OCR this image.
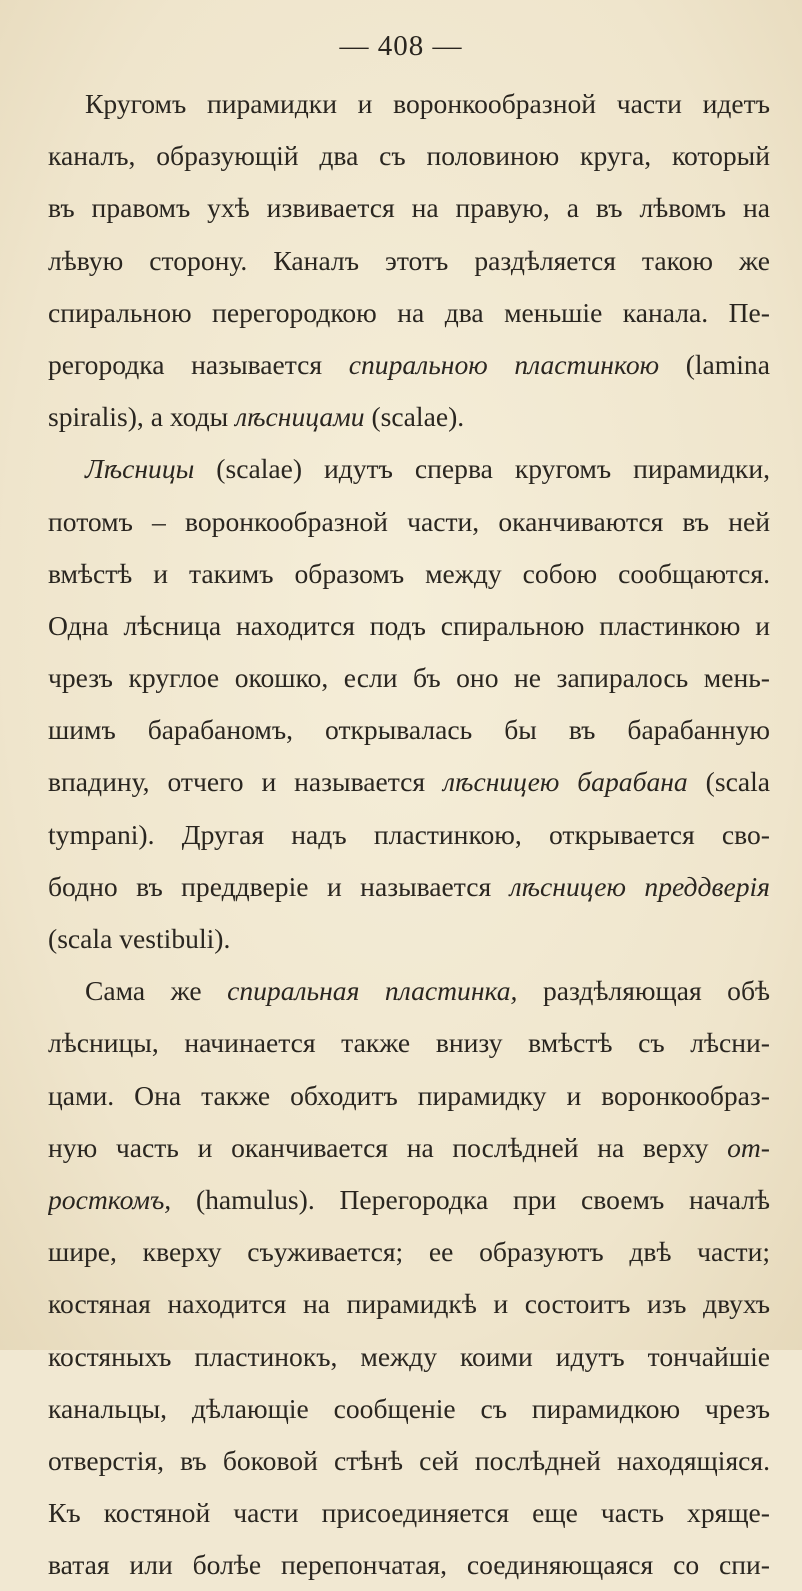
— 408 —
Кругомъ пирамидки и воронкообразной части идетъ
каналъ, образующій два съ половиною круга, который
въ правомъ ухѣ извивается на правую, а въ лѣвомъ на
лѣвую сторону. Каналъ этотъ раздѣляется такою же
спиральною перегородкою на два меньшіе канала. Пе-
регородка называется спиральною пластинкою (lamina
spiralis), а ходы лѣсницами (scalae).
Лѣсницы (scalae) идутъ сперва кругомъ пирамидки,
потомъ – воронкообразной части, оканчиваются въ ней
вмѣстѣ и такимъ образомъ между собою сообщаются.
Одна лѣсница находится подъ спиральною пластинкою и
чрезъ круглое окошко, если бъ оно не запиралось мень-
шимъ барабаномъ, открывалась бы въ барабанную
впадину, отчего и называется лѣсницею барабана (scala
tympani). Другая надъ пластинкою, открывается сво-
бодно въ преддверіе и называется лѣсницею преддверія
(scala vestibuli).
Сама же спиральная пластинка, раздѣляющая обѣ
лѣсницы, начинается также внизу вмѣстѣ съ лѣсни-
цами. Она также обходитъ пирамидку и воронкообраз-
ную часть и оканчивается на послѣдней на верху от-
росткомъ, (hamulus). Перегородка при своемъ началѣ
шире, кверху съуживается; ее образуютъ двѣ части;
костяная находится на пирамидкѣ и состоитъ изъ двухъ
костяныхъ пластинокъ, между коими идутъ тончайшіе
канальцы, дѣлающіе сообщеніе съ пирамидкою чрезъ
отверстія, въ боковой стѣнѣ сей послѣдней находящіяся.
Къ костяной части присоединяется еще часть хряще-
ватая или болѣе перепончатая, соединяющаяся со спи-
